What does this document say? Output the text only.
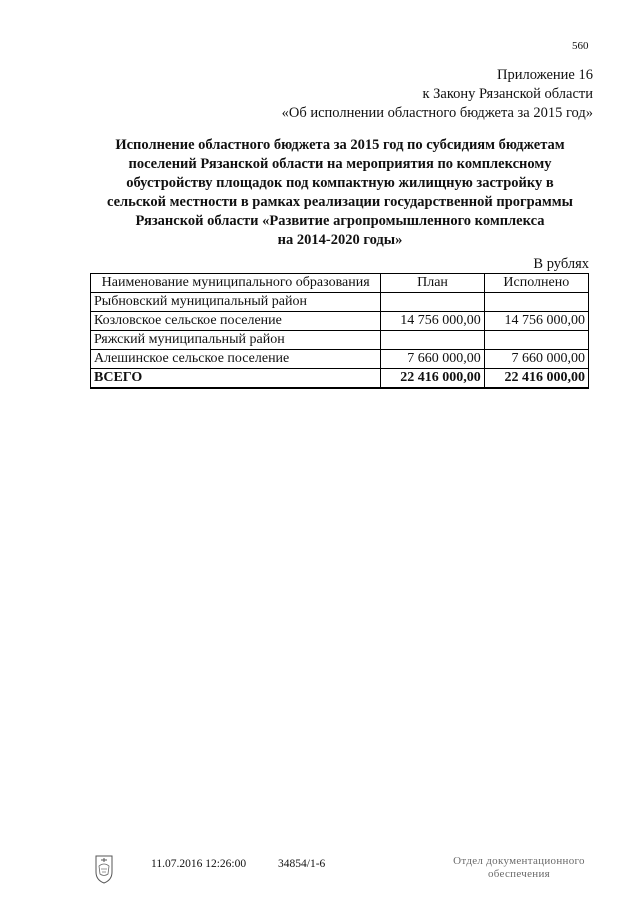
560
Приложение 16
к Закону Рязанской области
«Об исполнении областного бюджета за 2015 год»
Исполнение областного бюджета за 2015 год по субсидиям бюджетам
поселений Рязанской области на мероприятия по комплексному
обустройству площадок под компактную жилищную застройку в
сельской местности в рамках реализации государственной программы
Рязанской области «Развитие агропромышленного комплекса
на 2014-2020 годы»
В рублях
Наименование муниципального образования	План	Исполнено
Рыбновский муниципальный район		
Козловское сельское поселение	14 756 000,00	14 756 000,00
Ряжский муниципальный район		
Алешинское сельское поселение	7 660 000,00	7 660 000,00
ВСЕГО	22 416 000,00	22 416 000,00
11.07.2016 12:26:00	34854/1-6	Отдел документационного
обеспечения
